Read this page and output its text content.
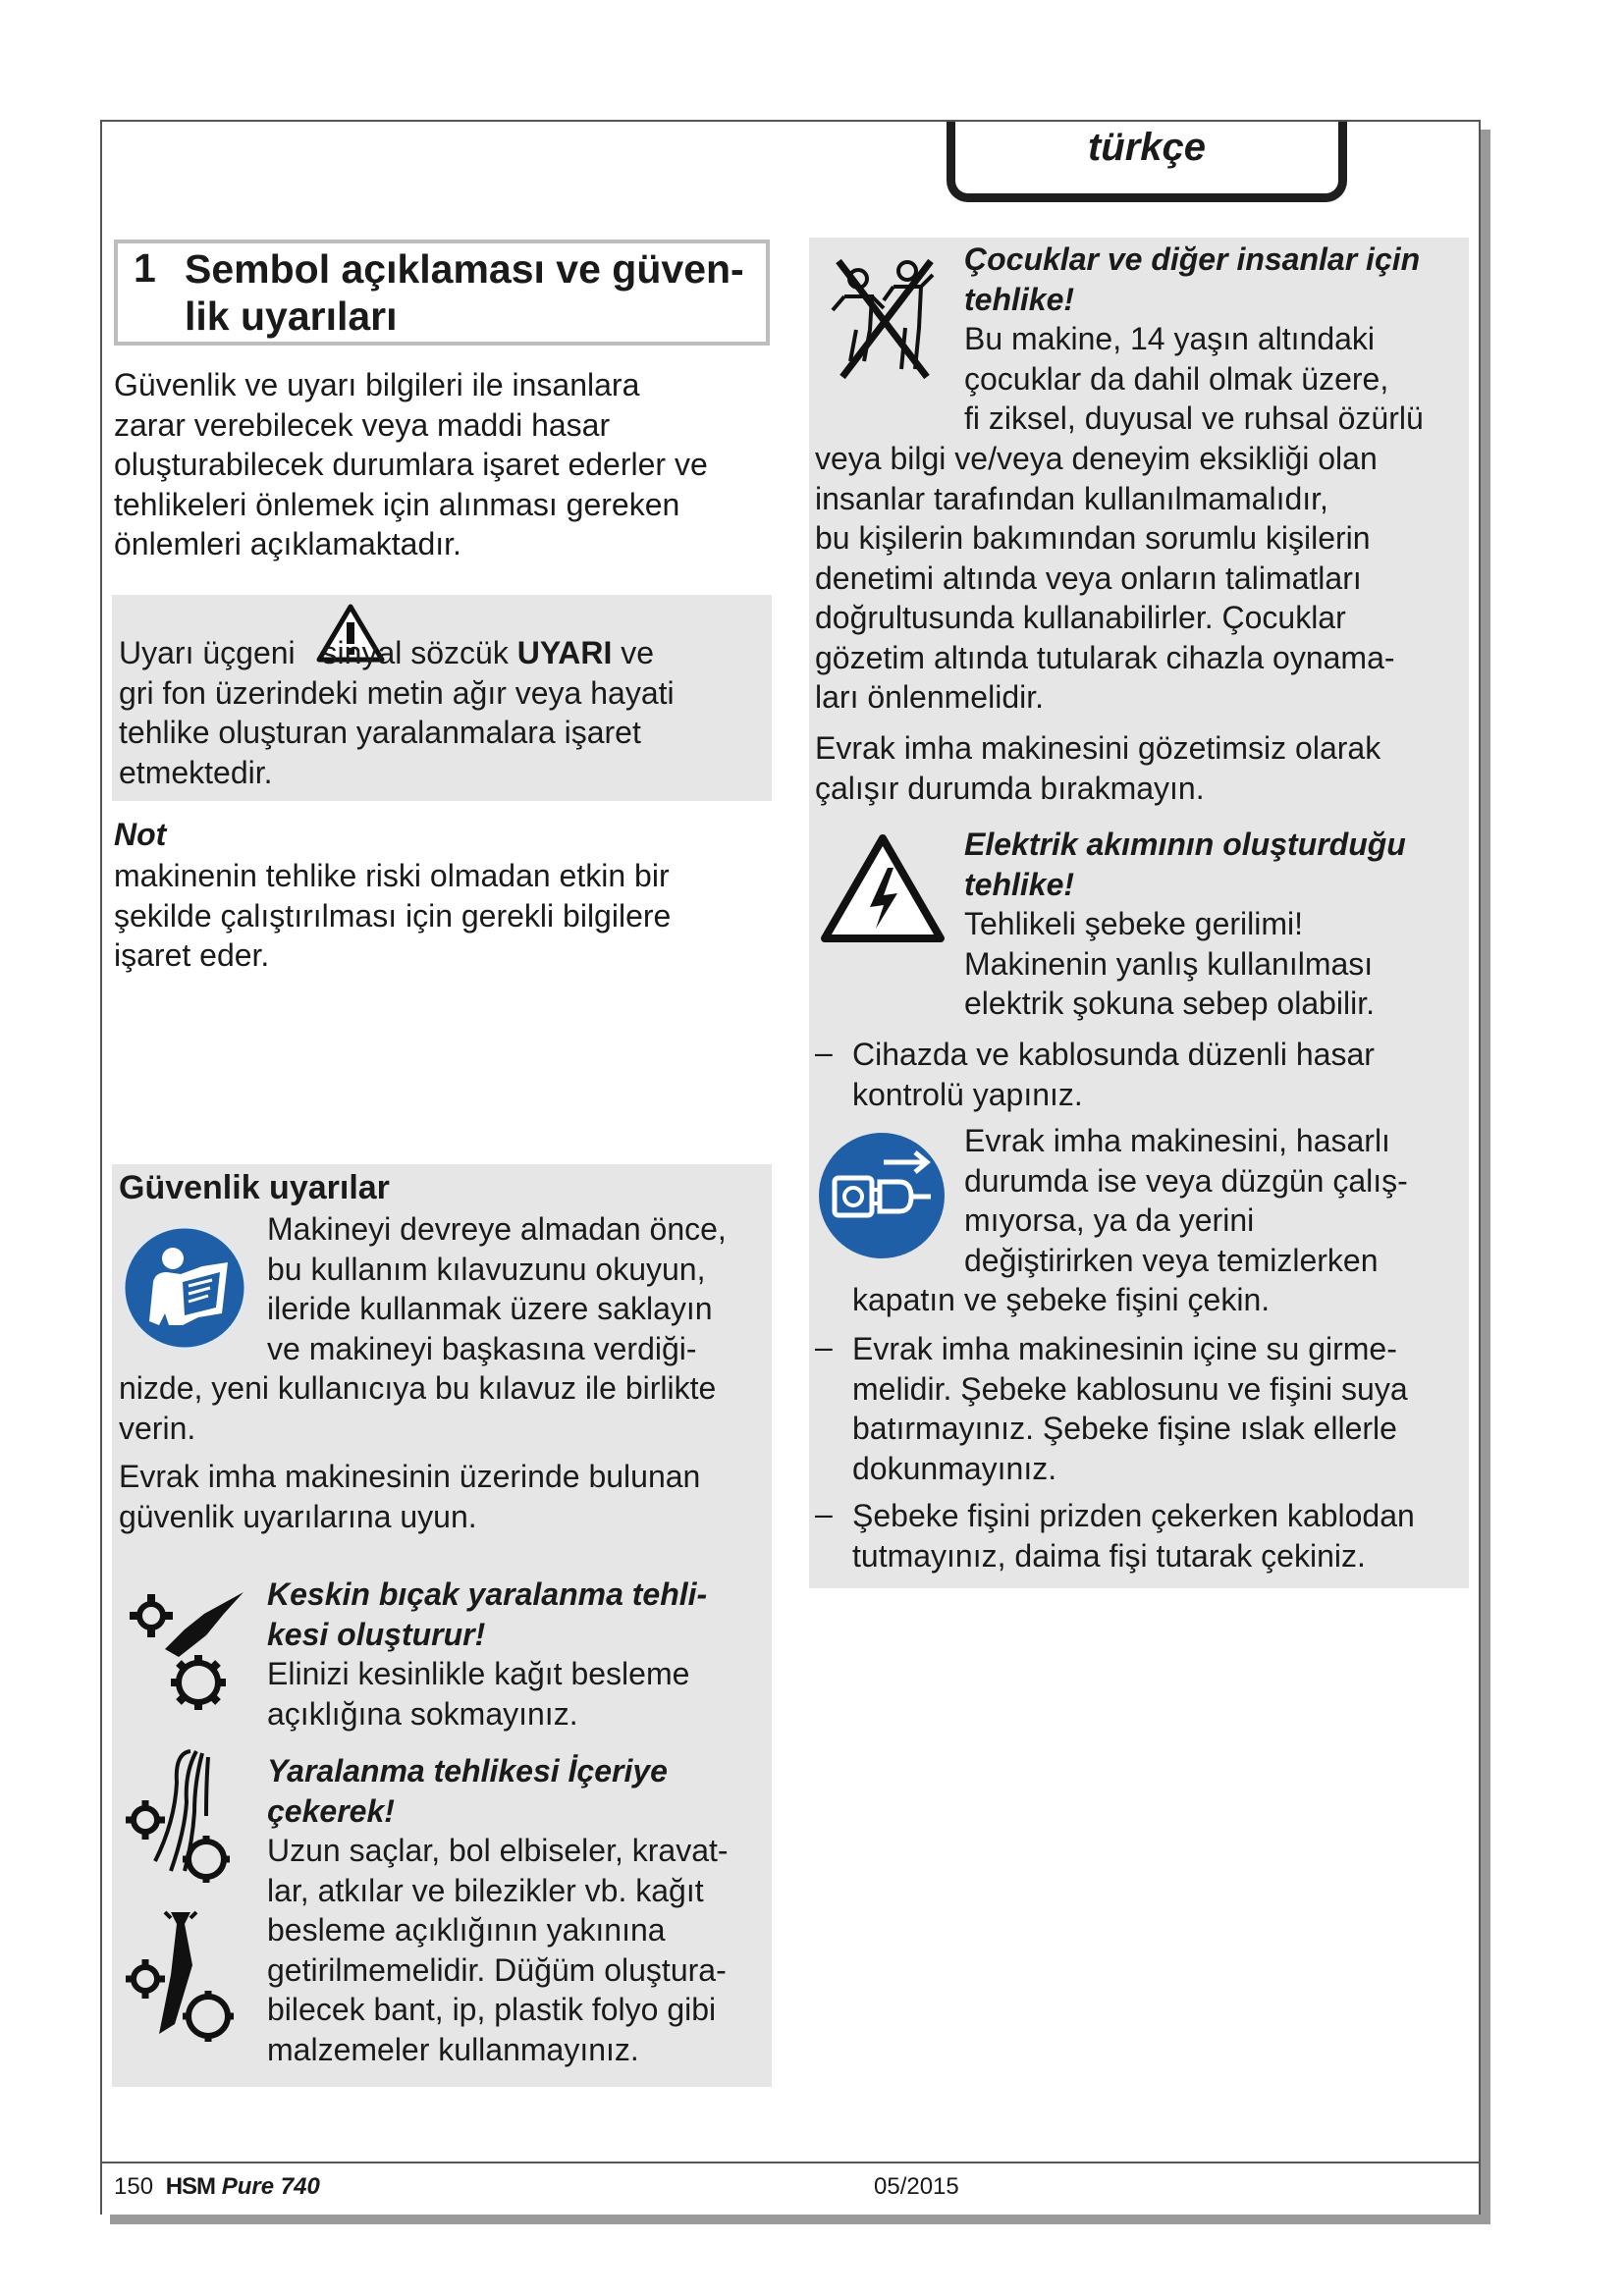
türkçe
1 Sembol açıklaması ve güven-
lik uyarıları
Güvenlik ve uyarı bilgileri ile insanlara
zarar verebilecek veya maddi hasar
oluşturabilecek durumlara işaret ederler ve
tehlikeleri önlemek için alınması gereken
önlemleri açıklamaktadır.
Uyarı üçgeni sinyal sözcük UYARI ve
gri fon üzerindeki metin ağır veya hayati
tehlike oluşturan yaralanmalara işaret
etmektedir.
Not
makinenin tehlike riski olmadan etkin bir
şekilde çalıştırılması için gerekli bilgilere
işaret eder.
Güvenlik uyarılar
Makineyi devreye almadan önce,
bu kullanım kılavuzunu okuyun,
ileride kullanmak üzere saklayın
ve makineyi başkasına verdiği-
nizde, yeni kullanıcıya bu kılavuz ile birlikte
verin.
Evrak imha makinesinin üzerinde bulunan
güvenlik uyarılarına uyun.
Keskin bıçak yaralanma tehli-
kesi oluşturur!
Elinizi kesinlikle kağıt besleme
açıklığına sokmayınız.
Yaralanma tehlikesi İçeriye
çekerek!
Uzun saçlar, bol elbiseler, kravat-
lar, atkılar ve bilezikler vb. kağıt
besleme açıklığının yakınına
getirilmemelidir. Düğüm oluştura-
bilecek bant, ip, plastik folyo gibi
malzemeler kullanmayınız.
Çocuklar ve diğer insanlar için
tehlike!
Bu makine, 14 yaşın altındaki
çocuklar da dahil olmak üzere,
fi ziksel, duyusal ve ruhsal özürlü
veya bilgi ve/veya deneyim eksikliği olan
insanlar tarafından kullanılmamalıdır,
bu kişilerin bakımından sorumlu kişilerin
denetimi altında veya onların talimatları
doğrultusunda kullanabilirler. Çocuklar
gözetim altında tutularak cihazla oynama-
ları önlenmelidir.
Evrak imha makinesini gözetimsiz olarak
çalışır durumda bırakmayın.
Elektrik akımının oluşturduğu
tehlike!
Tehlikeli şebeke gerilimi!
Makinenin yanlış kullanılması
elektrik şokuna sebep olabilir.
– Cihazda ve kablosunda düzenli hasar
kontrolü yapınız.
Evrak imha makinesini, hasarlı
durumda ise veya düzgün çalış-
mıyorsa, ya da yerini
değiştirirken veya temizlerken
kapatın ve şebeke fişini çekin.
– Evrak imha makinesinin içine su girme-
melidir. Şebeke kablosunu ve fişini suya
batırmayınız. Şebeke fişine ıslak ellerle
dokunmayınız.
– Şebeke fişini prizden çekerken kablodan
tutmayınız, daima fişi tutarak çekiniz.
150 HSM Pure 740	05/2015
